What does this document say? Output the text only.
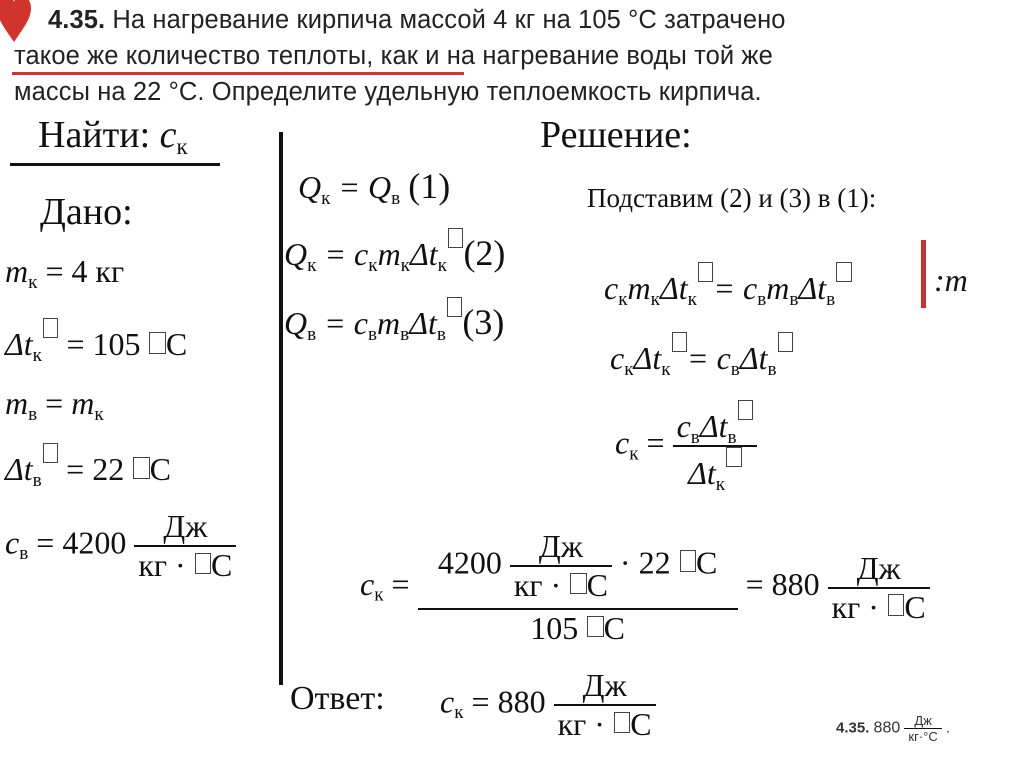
4.35. На нагревание кирпича массой 4 кг на 105 °С затрачено
такое же количество теплоты, как и на нагревание воды той же
массы на 22 °С. Определите удельную теплоемкость кирпича.
Найти: $с_к$
Дано:
$m_к = 4$ кг
$\Delta t_к = 105$ С
$m_в = m_к$
$\Delta t_в = 22$ С
$с_в = 4200 \frac{Дж}{кг \cdot С}$
Решение:
$Q_к = Q_в$ (1)
$Q_к = с_кm_к\Delta t_к$ (2)
$Q_в = с_вm_в\Delta t_в$ (3)
Подставим (2) и (3) в (1):
$с_кm_к\Delta t_к = с_вm_в\Delta t_в$
:m
$с_к\Delta t_к = с_в\Delta t_в$
$с_к = \frac{с_в\Delta t_в}{\Delta t_к}$
$с_к$ =
$4200 \frac{Дж}{кг \cdot С} \cdot 22$ С
105 С
= $880 \frac{Дж}{кг \cdot С}$
Ответ: $с_к = 880 \frac{Дж}{кг \cdot С}$	4.35. $880 \frac{Дж}{кг\cdot^\circ С}$ .
